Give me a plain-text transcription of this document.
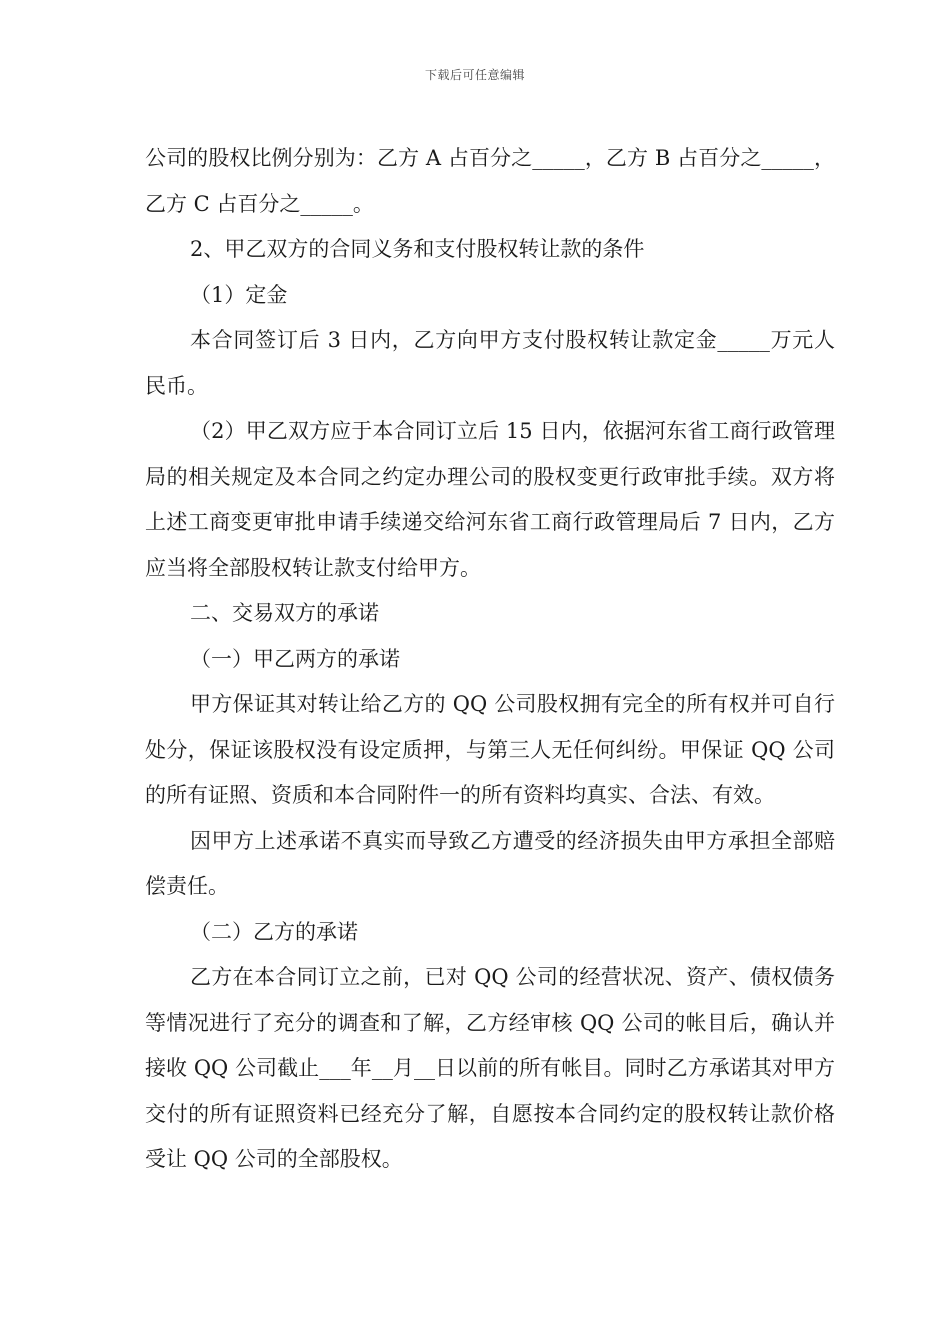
下载后可任意编辑

公司的股权比例分别为：乙方 A 占百分之_____，乙方 B 占百分之_____，乙方 C 占百分之_____。

2、甲乙双方的合同义务和支付股权转让款的条件

（1）定金

本合同签订后 3 日内，乙方向甲方支付股权转让款定金_____万元人民币。

（2）甲乙双方应于本合同订立后 15 日内，依据河东省工商行政管理局的相关规定及本合同之约定办理公司的股权变更行政审批手续。双方将上述工商变更审批申请手续递交给河东省工商行政管理局后 7 日内，乙方应当将全部股权转让款支付给甲方。

二、交易双方的承诺

（一）甲乙两方的承诺

甲方保证其对转让给乙方的 QQ 公司股权拥有完全的所有权并可自行处分，保证该股权没有设定质押，与第三人无任何纠纷。甲保证 QQ 公司的所有证照、资质和本合同附件一的所有资料均真实、合法、有效。

因甲方上述承诺不真实而导致乙方遭受的经济损失由甲方承担全部赔偿责任。

（二）乙方的承诺

乙方在本合同订立之前，已对 QQ 公司的经营状况、资产、债权债务等情况进行了充分的调查和了解，乙方经审核 QQ 公司的帐目后，确认并接收 QQ 公司截止___年__月__日以前的所有帐目。同时乙方承诺其对甲方交付的所有证照资料已经充分了解，自愿按本合同约定的股权转让款价格受让 QQ 公司的全部股权。
